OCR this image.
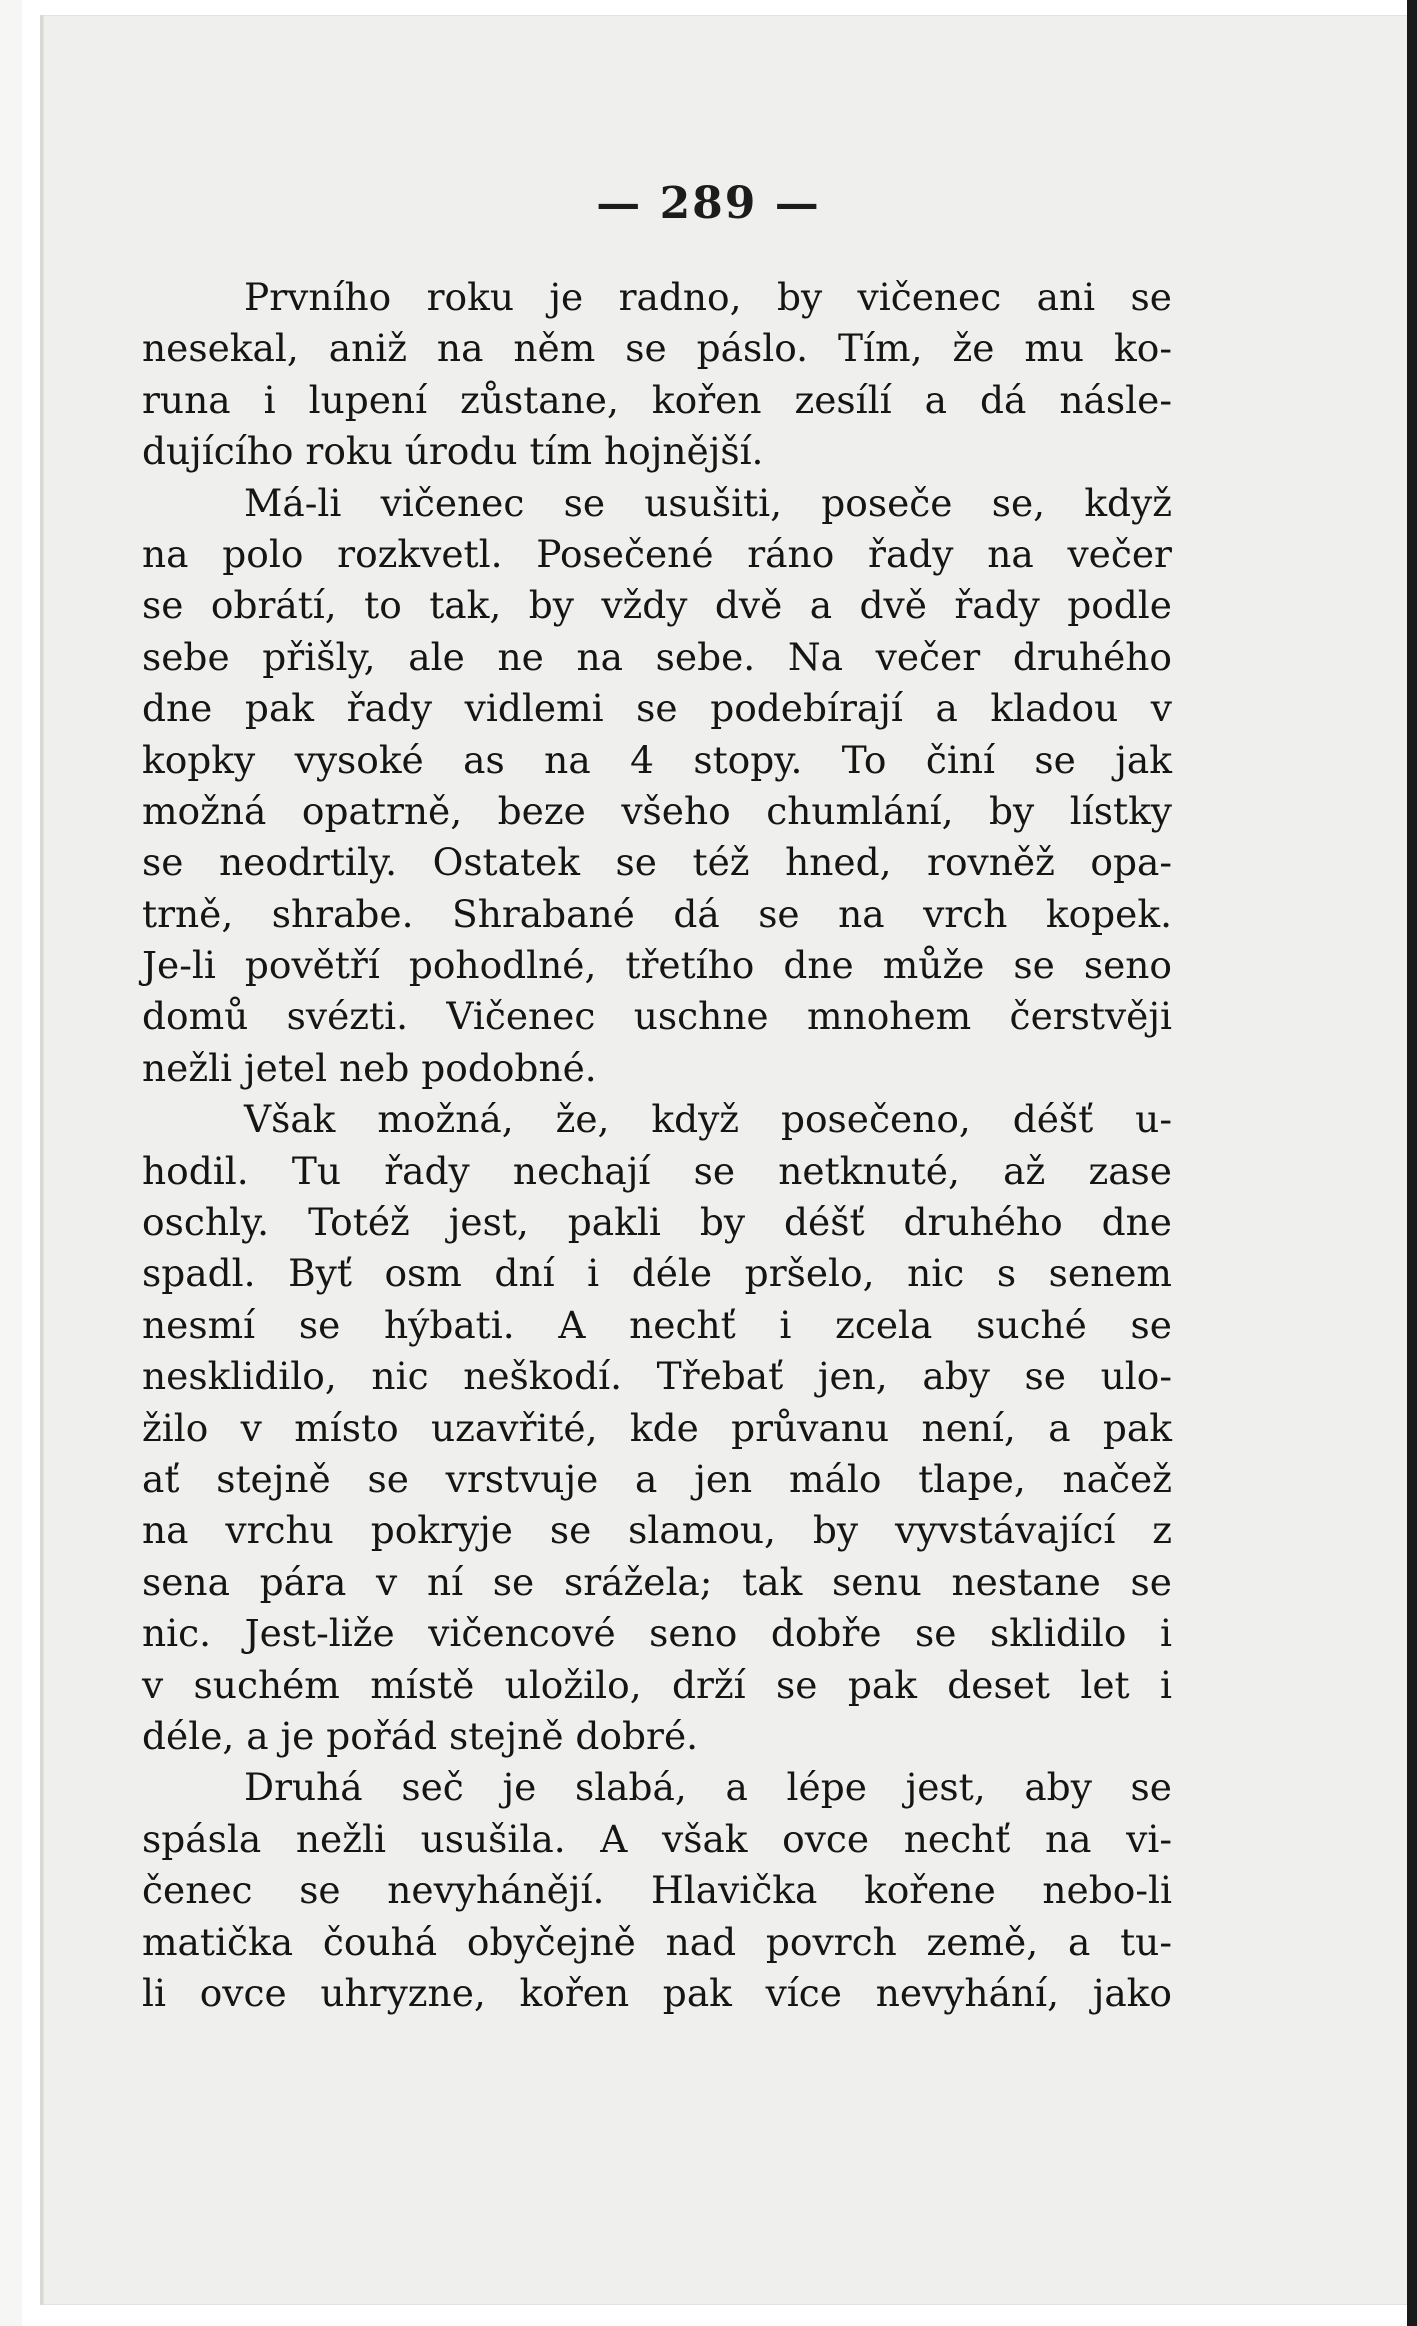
— 289 —
Prvního roku je radno, by vičenec ani se
nesekal, aniž na něm se páslo. Tím, že mu ko-
runa i lupení zůstane, kořen zesílí a dá násle-
dujícího roku úrodu tím hojnější.
Má-li vičenec se usušiti, poseče se, když
na polo rozkvetl. Posečené ráno řady na večer
se obrátí, to tak, by vždy dvě a dvě řady podle
sebe přišly, ale ne na sebe. Na večer druhého
dne pak řady vidlemi se podebírají a kladou v
kopky vysoké as na 4 stopy. To činí se jak
možná opatrně, beze všeho chumlání, by lístky
se neodrtily. Ostatek se též hned, rovněž opa-
trně, shrabe. Shrabané dá se na vrch kopek.
Je-li povětří pohodlné, třetího dne může se seno
domů svézti. Vičenec uschne mnohem čerstvěji
nežli jetel neb podobné.
Však možná, že, když posečeno, déšť u-
hodil. Tu řady nechají se netknuté, až zase
oschly. Totéž jest, pakli by déšť druhého dne
spadl. Byť osm dní i déle pršelo, nic s senem
nesmí se hýbati. A nechť i zcela suché se
nesklidilo, nic neškodí. Třebať jen, aby se ulo-
žilo v místo uzavřité, kde průvanu není, a pak
ať stejně se vrstvuje a jen málo tlape, načež
na vrchu pokryje se slamou, by vyvstávající z
sena pára v ní se srážela; tak senu nestane se
nic. Jest-liže vičencové seno dobře se sklidilo i
v suchém místě uložilo, drží se pak deset let i
déle, a je pořád stejně dobré.
Druhá seč je slabá, a lépe jest, aby se
spásla nežli usušila. A však ovce nechť na vi-
čenec se nevyhánějí. Hlavička kořene nebo-li
matička čouhá obyčejně nad povrch země, a tu-
li ovce uhryzne, kořen pak více nevyhání, jako
